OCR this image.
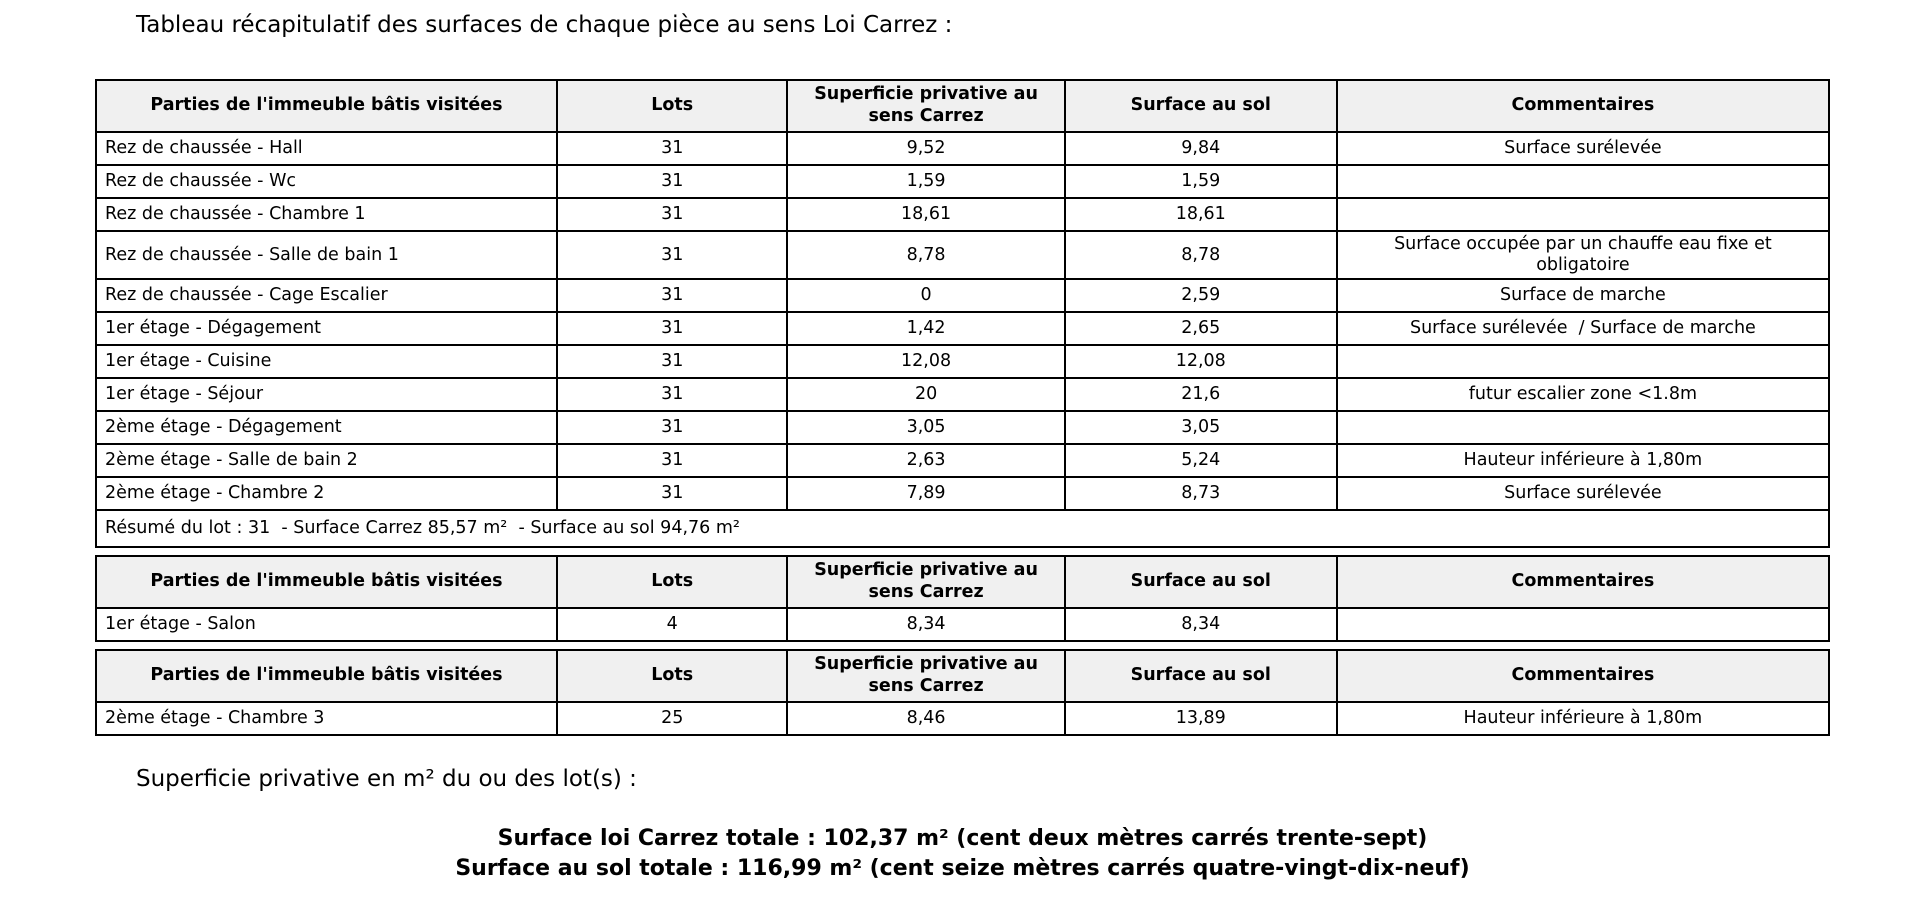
Tableau récapitulatif des surfaces de chaque pièce au sens Loi Carrez :
Parties de l'immeuble bâtis visitées	Lots	Superficie privative au sens Carrez	Surface au sol	Commentaires
Rez de chaussée - Hall	31	9,52	9,84	Surface surélevée
Rez de chaussée - Wc	31	1,59	1,59	
Rez de chaussée - Chambre 1	31	18,61	18,61	
Rez de chaussée - Salle de bain 1	31	8,78	8,78	Surface occupée par un chauffe eau fixe et obligatoire
Rez de chaussée - Cage Escalier	31	0	2,59	Surface de marche
1er étage - Dégagement	31	1,42	2,65	Surface surélevée  / Surface de marche
1er étage - Cuisine	31	12,08	12,08	
1er étage - Séjour	31	20	21,6	futur escalier zone <1.8m
2ème étage - Dégagement	31	3,05	3,05	
2ème étage - Salle de bain 2	31	2,63	5,24	Hauteur inférieure à 1,80m
2ème étage - Chambre 2	31	7,89	8,73	Surface surélevée
Résumé du lot : 31  - Surface Carrez 85,57 m²  - Surface au sol 94,76 m²				
Parties de l'immeuble bâtis visitées	Lots	Superficie privative au sens Carrez	Surface au sol	Commentaires
1er étage - Salon	4	8,34	8,34	
Parties de l'immeuble bâtis visitées	Lots	Superficie privative au sens Carrez	Surface au sol	Commentaires
2ème étage - Chambre 3	25	8,46	13,89	Hauteur inférieure à 1,80m
Superficie privative en m² du ou des lot(s) :
Surface loi Carrez totale : 102,37 m² (cent deux mètres carrés trente-sept)
Surface au sol totale : 116,99 m² (cent seize mètres carrés quatre-vingt-dix-neuf)
